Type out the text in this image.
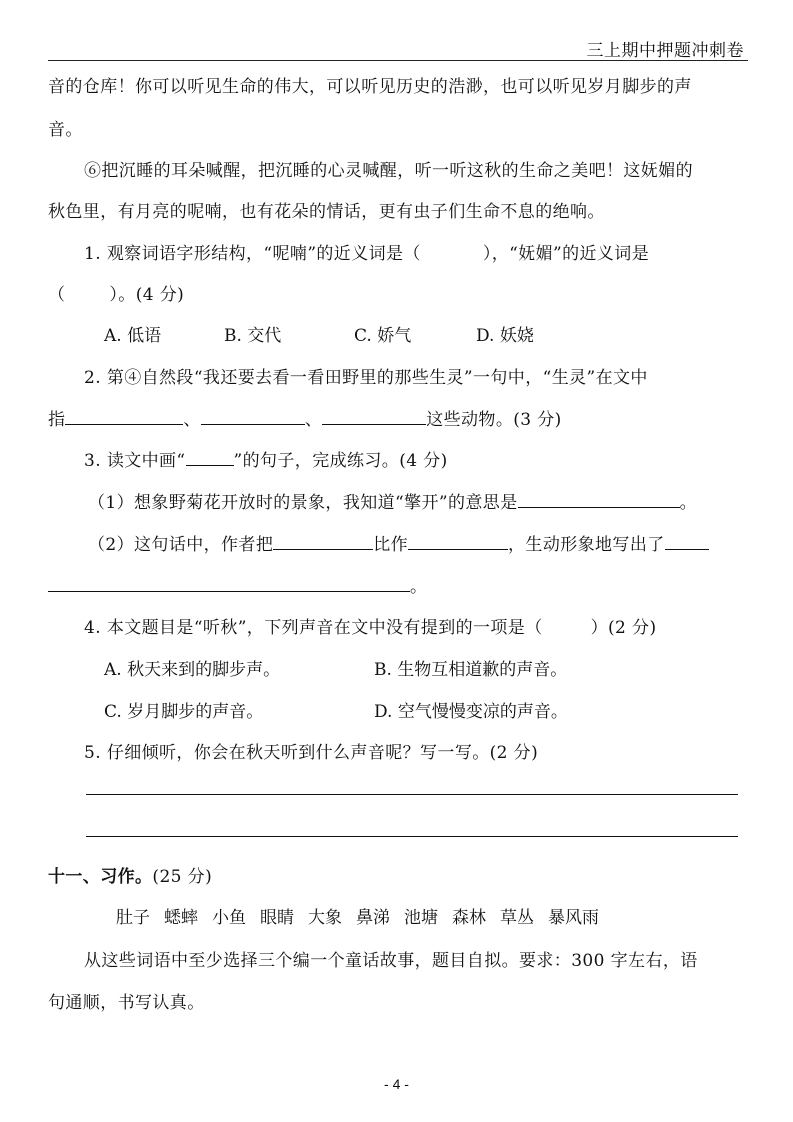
三上期中押题冲刺卷
音的仓库！你可以听见生命的伟大，可以听见历史的浩渺，也可以听见岁月脚步的声
音。
⑥把沉睡的耳朵喊醒，把沉睡的心灵喊醒，听一听这秋的生命之美吧！这妩媚的
秋色里，有月亮的呢喃，也有花朵的情话，更有虫子们生命不息的绝响。
1. 观察词语字形结构，“呢喃”的近义词是（	），“妩媚”的近义词是
（	）。(4 分)
A. 低语	B. 交代	C. 娇气	D. 妖娆
2. 第④自然段“我还要去看一看田野里的那些生灵”一句中，“生灵”在文中
指	、	、	这些动物。(3 分)
3. 读文中画“	”的句子，完成练习。(4 分)
（1）想象野菊花开放时的景象，我知道“擎开”的意思是	。
（2）这句话中，作者把	比作	，生动形象地写出了
。
4. 本文题目是“听秋”，下列声音在文中没有提到的一项是（	）(2 分)
A. 秋天来到的脚步声。	B. 生物互相道歉的声音。
C. 岁月脚步的声音。	D. 空气慢慢变凉的声音。
5. 仔细倾听，你会在秋天听到什么声音呢？写一写。(2 分)
十一、习作。(25 分)
肚子 蟋蟀 小鱼 眼睛 大象 鼻涕 池塘 森林 草丛 暴风雨
从这些词语中至少选择三个编一个童话故事，题目自拟。要求：300 字左右，语
句通顺，书写认真。
- 4 -
